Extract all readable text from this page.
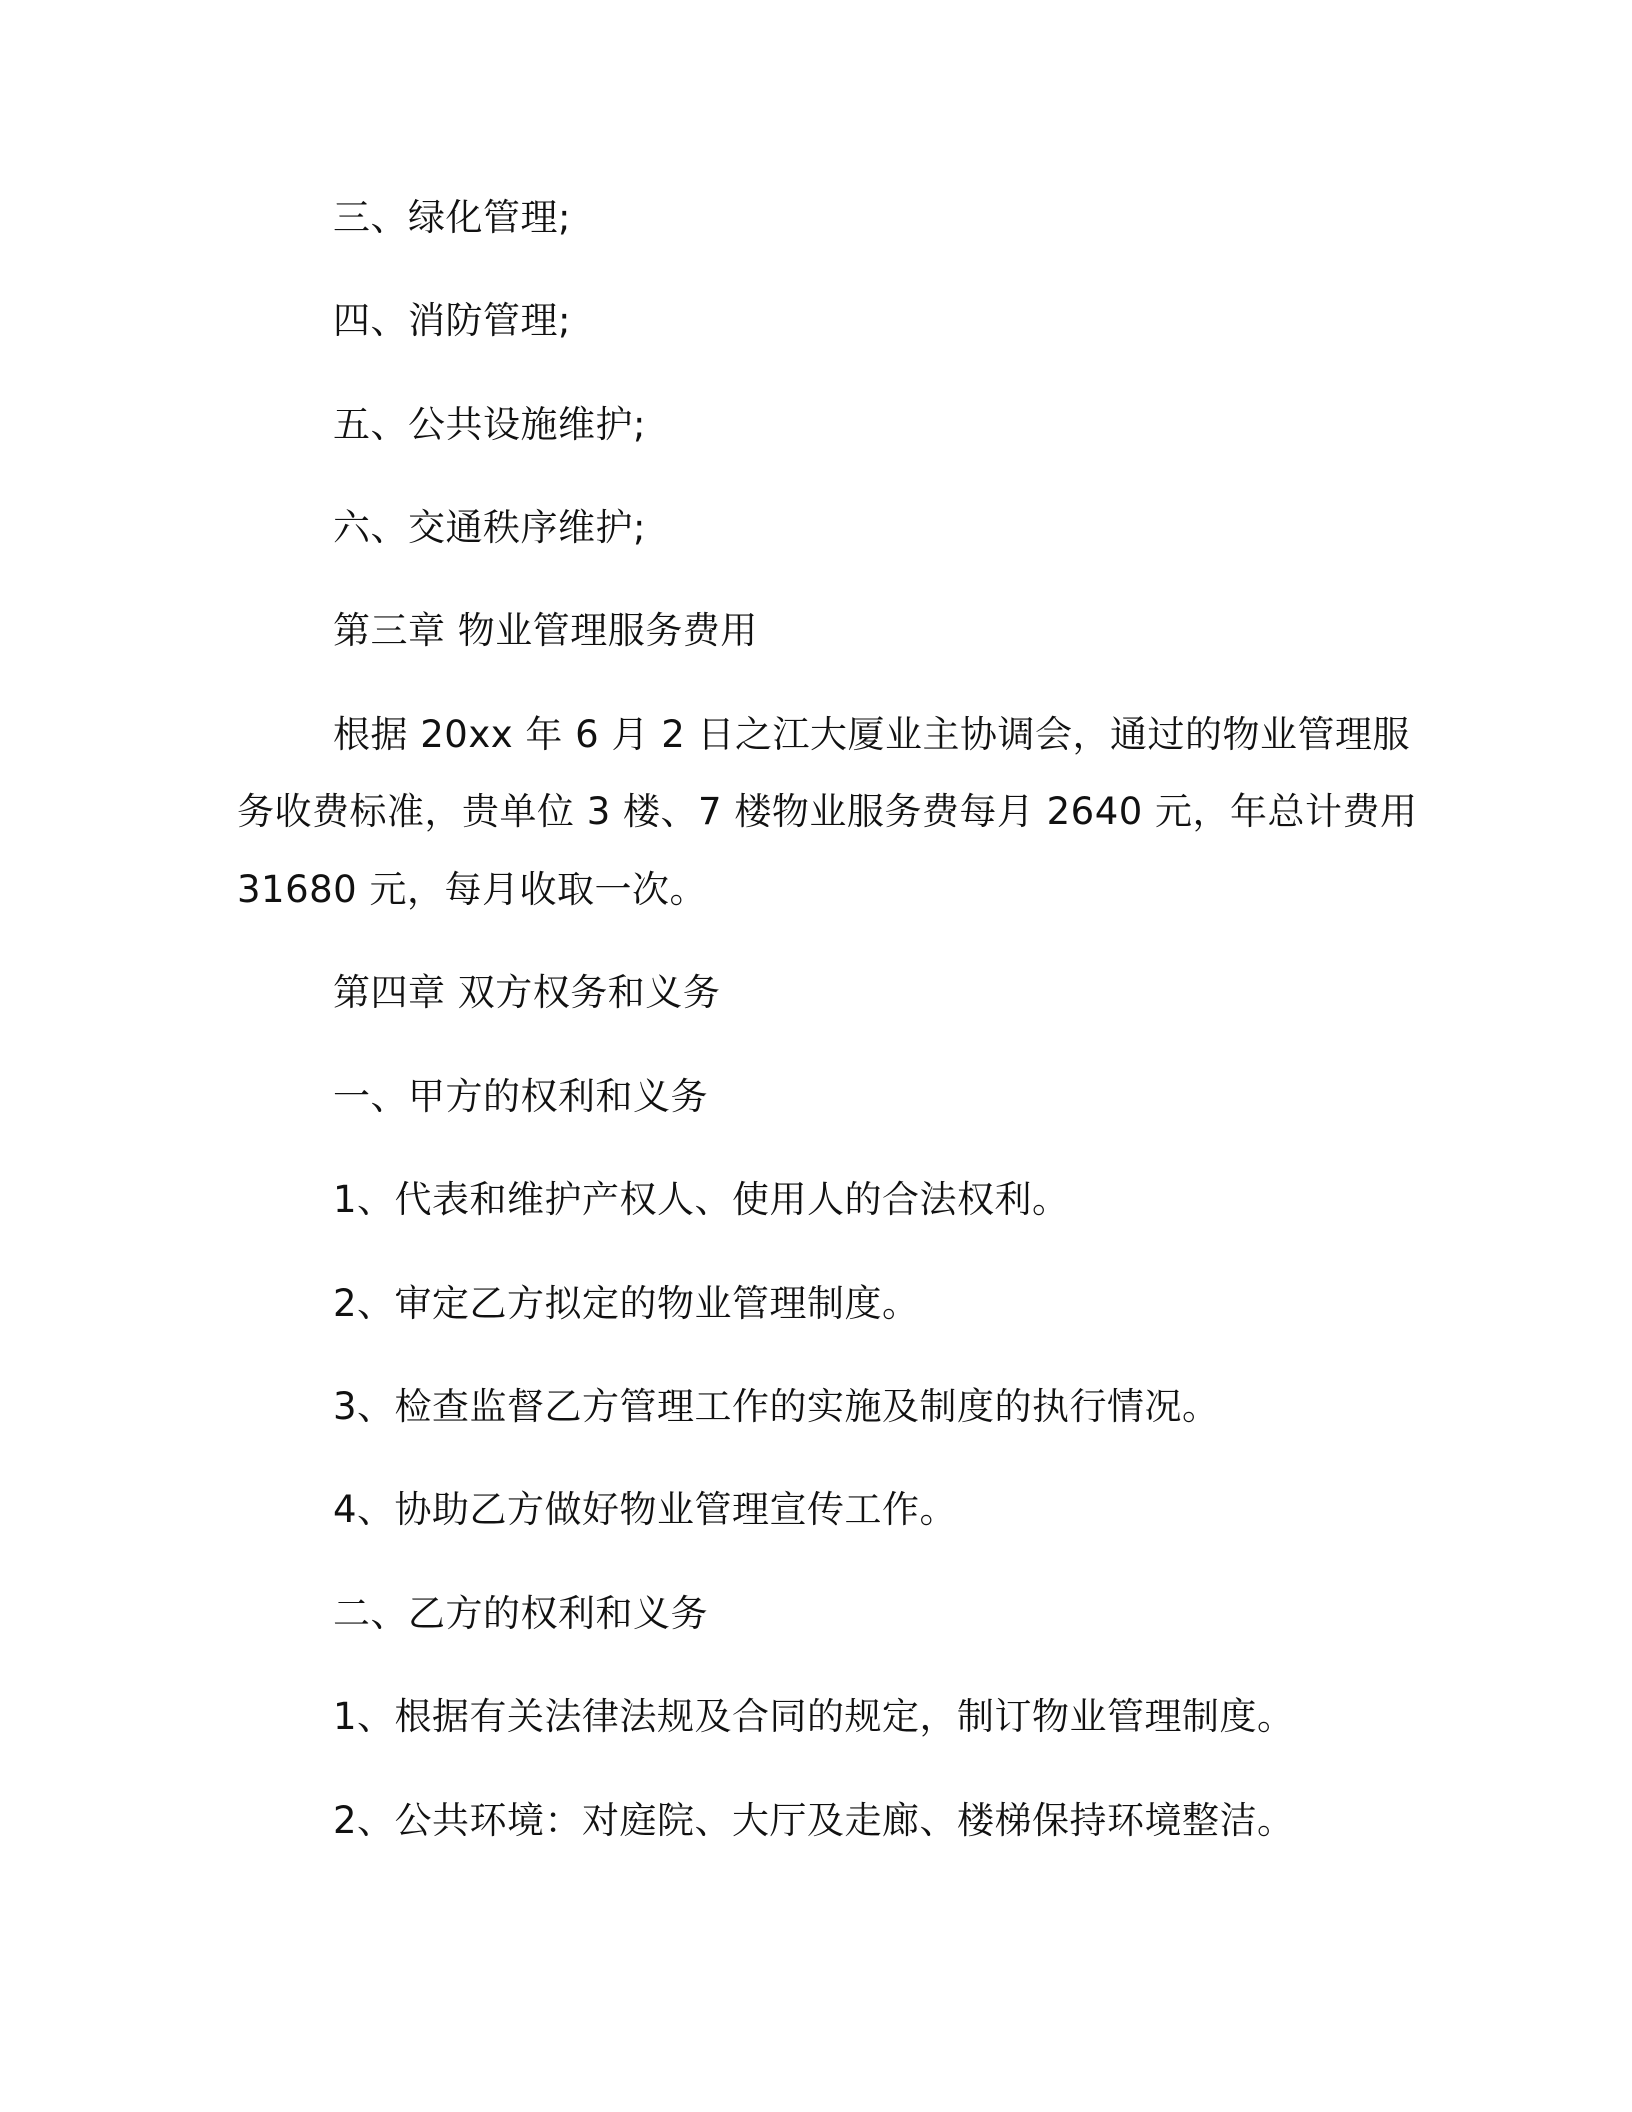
三、绿化管理;
四、消防管理;
五、公共设施维护;
六、交通秩序维护;
第三章 物业管理服务费用
根据 20xx 年 6 月 2 日之江大厦业主协调会，通过的物业管理服
务收费标准，贵单位 3 楼、7 楼物业服务费每月 2640 元，年总计费用
31680 元，每月收取一次。
第四章 双方权务和义务
一、甲方的权利和义务
1、代表和维护产权人、使用人的合法权利。
2、审定乙方拟定的物业管理制度。
3、检查监督乙方管理工作的实施及制度的执行情况。
4、协助乙方做好物业管理宣传工作。
二、乙方的权利和义务
1、根据有关法律法规及合同的规定，制订物业管理制度。
2、公共环境：对庭院、大厅及走廊、楼梯保持环境整洁。
